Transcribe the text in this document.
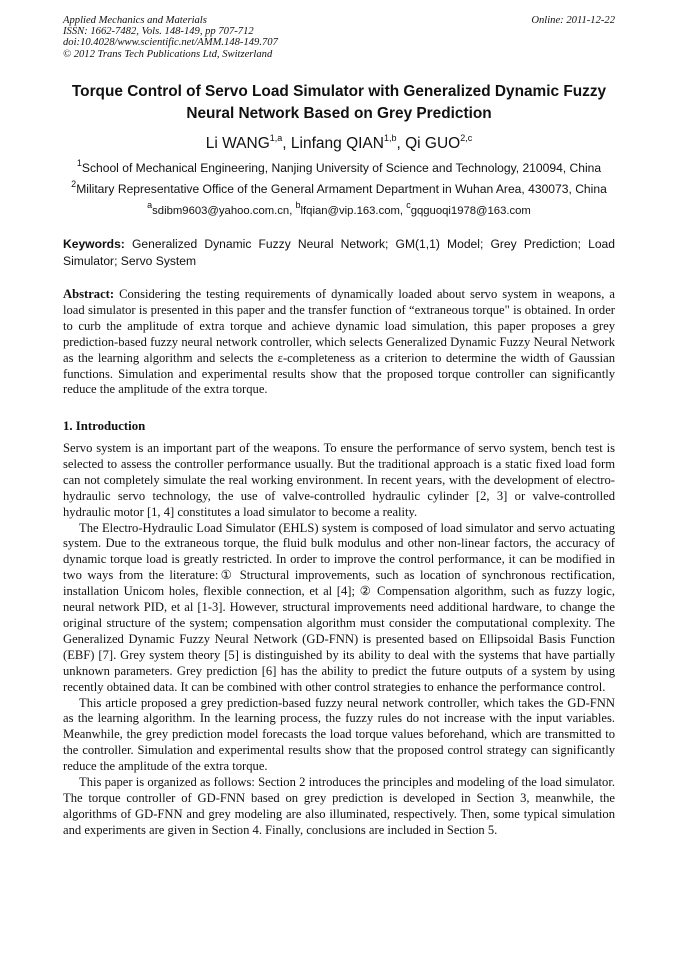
Applied Mechanics and Materials
ISSN: 1662-7482, Vols. 148-149, pp 707-712
doi:10.4028/www.scientific.net/AMM.148-149.707
© 2012 Trans Tech Publications Ltd, Switzerland
Online: 2011-12-22
Torque Control of Servo Load Simulator with Generalized Dynamic Fuzzy Neural Network Based on Grey Prediction
Li WANG$^{1,a}$, Linfang QIAN$^{1,b}$, Qi GUO$^{2,c}$
$^1$School of Mechanical Engineering, Nanjing University of Science and Technology, 210094, China
$^2$Military Representative Office of the General Armament Department in Wuhan Area, 430073, China
$^a$sdibm9603@yahoo.com.cn, $^b$lfqian@vip.163.com, $^c$gqguoqi1978@163.com
Keywords: Generalized Dynamic Fuzzy Neural Network; GM(1,1) Model; Grey Prediction; Load Simulator; Servo System
Abstract: Considering the testing requirements of dynamically loaded about servo system in weapons, a load simulator is presented in this paper and the transfer function of “extraneous torque" is obtained. In order to curb the amplitude of extra torque and achieve dynamic load simulation, this paper proposes a grey prediction-based fuzzy neural network controller, which selects Generalized Dynamic Fuzzy Neural Network as the learning algorithm and selects the ε-completeness as a criterion to determine the width of Gaussian functions. Simulation and experimental results show that the proposed torque controller can significantly reduce the amplitude of the extra torque.
1. Introduction

Servo system is an important part of the weapons. To ensure the performance of servo system, bench test is selected to assess the controller performance usually. But the traditional approach is a static fixed load form can not completely simulate the real working environment. In recent years, with the development of electro-hydraulic servo technology, the use of valve-controlled hydraulic cylinder [2, 3] or valve-controlled hydraulic motor [1, 4] constitutes a load simulator to become a reality.

The Electro-Hydraulic Load Simulator (EHLS) system is composed of load simulator and servo actuating system. Due to the extraneous torque, the fluid bulk modulus and other non-linear factors, the accuracy of dynamic torque load is greatly restricted. In order to improve the control performance, it can be modified in two ways from the literature:① Structural improvements, such as location of synchronous rectification, installation Unicom holes, flexible connection, et al [4]; ② Compensation algorithm, such as fuzzy logic, neural network PID, et al [1-3]. However, structural improvements need additional hardware, to change the original structure of the system; compensation algorithm must consider the computational complexity. The Generalized Dynamic Fuzzy Neural Network (GD-FNN) is presented based on Ellipsoidal Basis Function (EBF) [7]. Grey system theory [5] is distinguished by its ability to deal with the systems that have partially unknown parameters. Grey prediction [6] has the ability to predict the future outputs of a system by using recently obtained data. It can be combined with other control strategies to enhance the performance control.

This article proposed a grey prediction-based fuzzy neural network controller, which takes the GD-FNN as the learning algorithm. In the learning process, the fuzzy rules do not increase with the input variables. Meanwhile, the grey prediction model forecasts the load torque values beforehand, which are transmitted to the controller. Simulation and experimental results show that the proposed control strategy can significantly reduce the amplitude of the extra torque.

This paper is organized as follows: Section 2 introduces the principles and modeling of the load simulator. The torque controller of GD-FNN based on grey prediction is developed in Section 3, meanwhile, the algorithms of GD-FNN and grey modeling are also illuminated, respectively. Then, some typical simulation and experiments are given in Section 4. Finally, conclusions are included in Section 5.
